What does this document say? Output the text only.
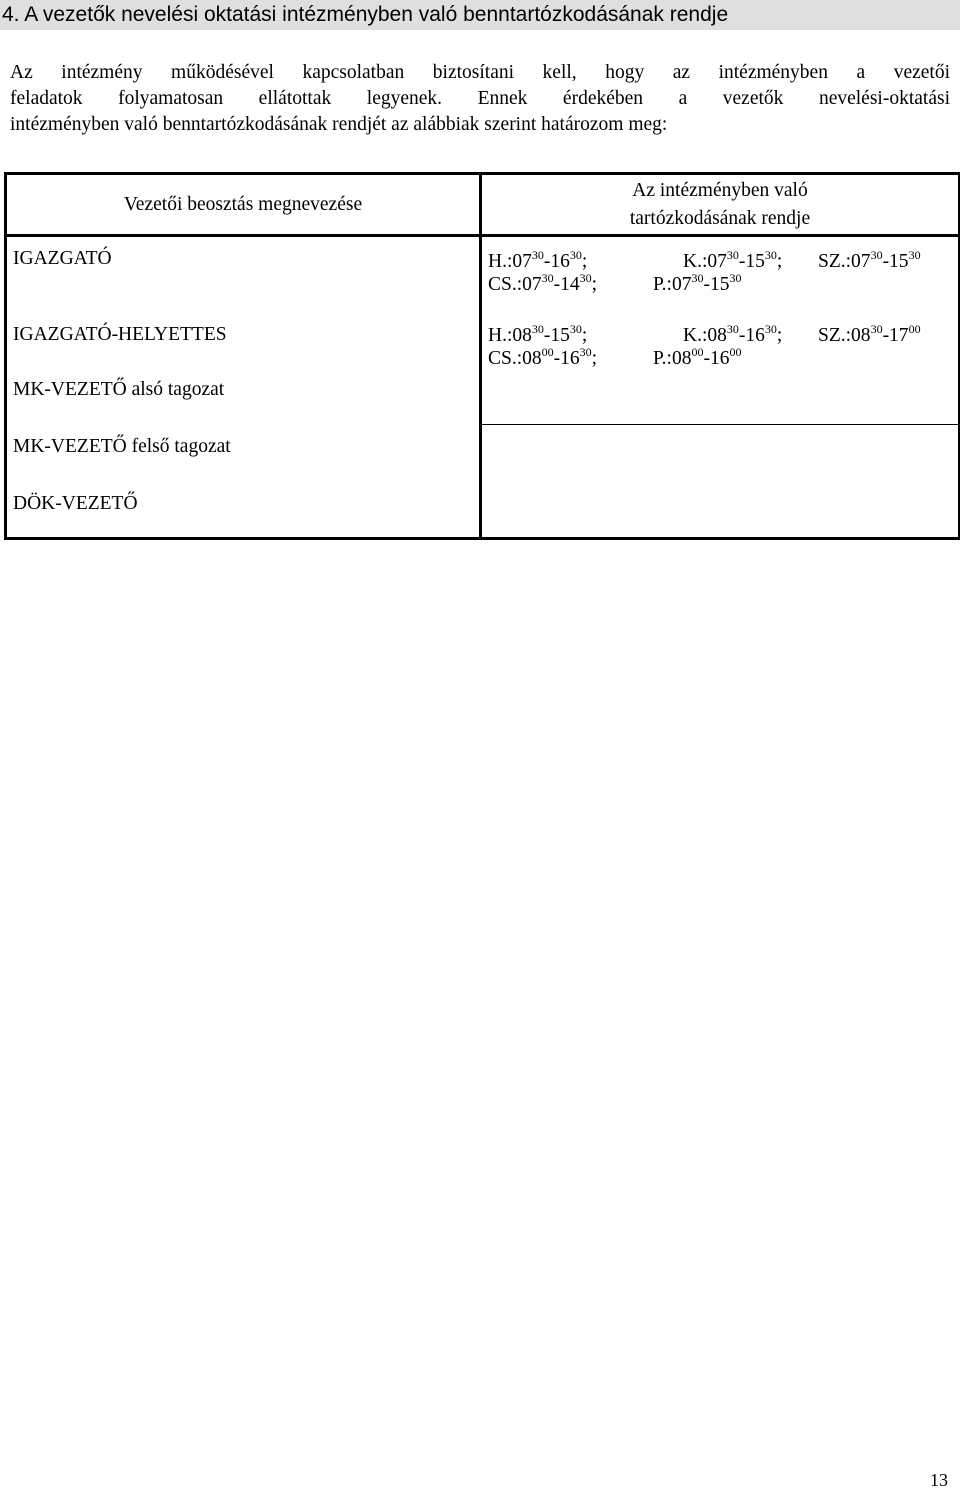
4. A vezetők nevelési oktatási intézményben való benntartózkodásának rendje
Az intézmény működésével kapcsolatban biztosítani kell, hogy az intézményben a vezetői
feladatok folyamatosan ellátottak legyenek. Ennek érdekében a vezetők nevelési-oktatási
intézményben való benntartózkodásának rendjét az alábbiak szerint határozom meg:
Vezetői beosztás megnevezése	Az intézményben való
tartózkodásának rendje

IGAZGATÓ	$H.:07^{30}-16^{30}$; $K.:07^{30}-15^{30}$; $SZ.:07^{30}-15^{30}$
$CS.:07^{30}-14^{30}$; $P.:07^{30}-15^{30}$

IGAZGATÓ-HELYETTES	$H.:08^{30}-15^{30}$; $K.:08^{30}-16^{30}$; $SZ.:08^{30}-17^{00}$
$CS.:08^{00}-16^{30}$; $P.:08^{00}-16^{00}$

MK-VEZETŐ alsó tagozat	

MK-VEZETŐ felső tagozat	

DÖK-VEZETŐ	

13
